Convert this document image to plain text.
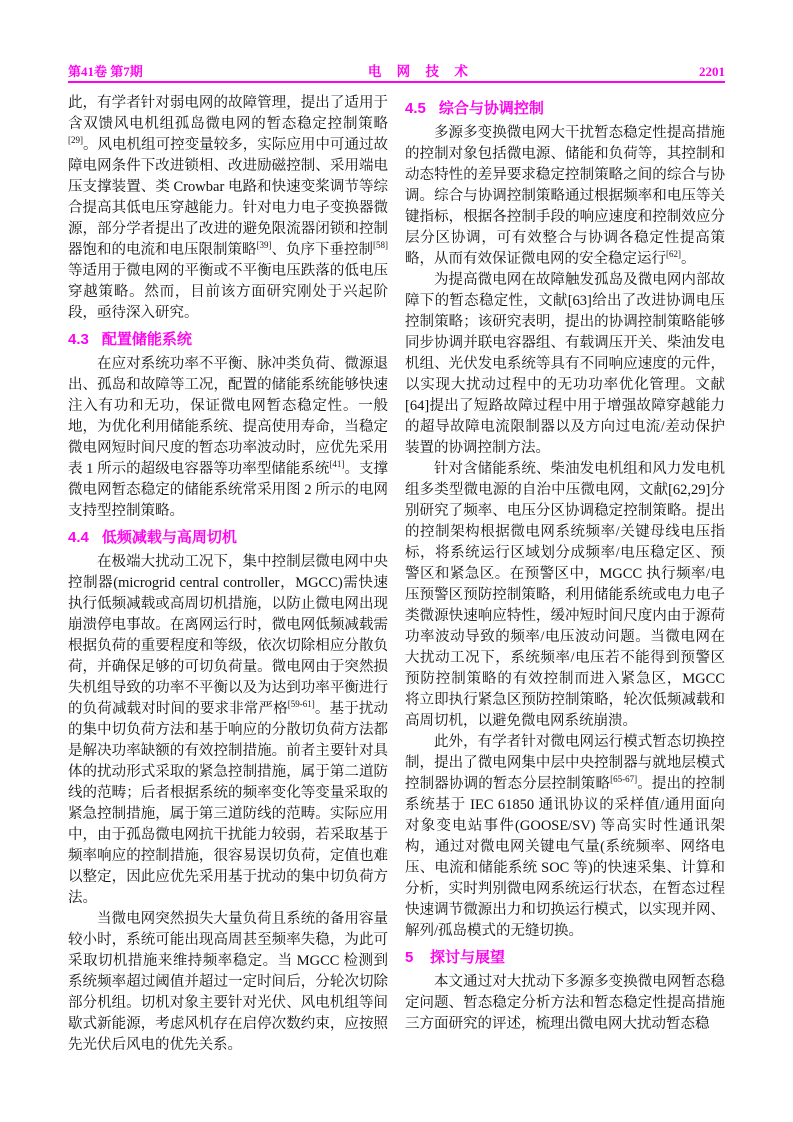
第41卷 第7期	电 网 技 术	2201

此，有学者针对弱电网的故障管理，提出了适用于含双馈风电机组孤岛微电网的暂态稳定控制策略[29]。风电机组可控变量较多，实际应用中可通过故障电网条件下改进锁相、改进励磁控制、采用端电压支撑装置、类 Crowbar 电路和快速变桨调节等综合提高其低电压穿越能力。针对电力电子变换器微源，部分学者提出了改进的避免限流器闭锁和控制器饱和的电流和电压限制策略[39]、负序下垂控制[58]等适用于微电网的平衡或不平衡电压跌落的低电压穿越策略。然而，目前该方面研究刚处于兴起阶段，亟待深入研究。

4.3 配置储能系统

在应对系统功率不平衡、脉冲类负荷、微源退出、孤岛和故障等工况，配置的储能系统能够快速注入有功和无功，保证微电网暂态稳定性。一般地，为优化利用储能系统、提高使用寿命，当稳定微电网短时间尺度的暂态功率波动时，应优先采用表 1 所示的超级电容器等功率型储能系统[41]。支撑微电网暂态稳定的储能系统常采用图 2 所示的电网支持型控制策略。

4.4 低频减载与高周切机

在极端大扰动工况下，集中控制层微电网中央控制器(microgrid central controller，MGCC)需快速执行低频减载或高周切机措施，以防止微电网出现崩溃停电事故。在离网运行时，微电网低频减载需根据负荷的重要程度和等级，依次切除相应分散负荷，并确保足够的可切负荷量。微电网由于突然损失机组导致的功率不平衡以及为达到功率平衡进行的负荷减载对时间的要求非常严格[59-61]。基于扰动的集中切负荷方法和基于响应的分散切负荷方法都是解决功率缺额的有效控制措施。前者主要针对具体的扰动形式采取的紧急控制措施，属于第二道防线的范畴；后者根据系统的频率变化等变量采取的紧急控制措施，属于第三道防线的范畴。实际应用中，由于孤岛微电网抗干扰能力较弱，若采取基于频率响应的控制措施，很容易误切负荷，定值也难以整定，因此应优先采用基于扰动的集中切负荷方法。

当微电网突然损失大量负荷且系统的备用容量较小时，系统可能出现高周甚至频率失稳，为此可采取切机措施来维持频率稳定。当 MGCC 检测到系统频率超过阈值并超过一定时间后，分轮次切除部分机组。切机对象主要针对光伏、风电机组等间歇式新能源，考虑风机存在启停次数约束，应按照先光伏后风电的优先关系。

4.5 综合与协调控制

多源多变换微电网大干扰暂态稳定性提高措施的控制对象包括微电源、储能和负荷等，其控制和动态特性的差异要求稳定控制策略之间的综合与协调。综合与协调控制策略通过根据频率和电压等关键指标，根据各控制手段的响应速度和控制效应分层分区协调，可有效整合与协调各稳定性提高策略，从而有效保证微电网的安全稳定运行[62]。

为提高微电网在故障触发孤岛及微电网内部故障下的暂态稳定性，文献[63]给出了改进协调电压控制策略；该研究表明，提出的协调控制策略能够同步协调并联电容器组、有载调压开关、柴油发电机组、光伏发电系统等具有不同响应速度的元件，以实现大扰动过程中的无功功率优化管理。文献[64]提出了短路故障过程中用于增强故障穿越能力的超导故障电流限制器以及方向过电流/差动保护装置的协调控制方法。

针对含储能系统、柴油发电机组和风力发电机组多类型微电源的自治中压微电网，文献[62,29]分别研究了频率、电压分区协调稳定控制策略。提出的控制架构根据微电网系统频率/关键母线电压指标，将系统运行区域划分成频率/电压稳定区、预警区和紧急区。在预警区中，MGCC 执行频率/电压预警区预防控制策略，利用储能系统或电力电子类微源快速响应特性，缓冲短时间尺度内由于源荷功率波动导致的频率/电压波动问题。当微电网在大扰动工况下，系统频率/电压若不能得到预警区预防控制策略的有效控制而进入紧急区，MGCC 将立即执行紧急区预防控制策略，轮次低频减载和高周切机，以避免微电网系统崩溃。

此外，有学者针对微电网运行模式暂态切换控制，提出了微电网集中层中央控制器与就地层模式控制器协调的暂态分层控制策略[65-67]。提出的控制系统基于 IEC 61850 通讯协议的采样值/通用面向对象变电站事件(GOOSE/SV) 等高实时性通讯架构，通过对微电网关键电气量(系统频率、网络电压、电流和储能系统 SOC 等)的快速采集、计算和分析，实时判别微电网系统运行状态，在暂态过程快速调节微源出力和切换运行模式，以实现并网、解列/孤岛模式的无缝切换。

5 探讨与展望

本文通过对大扰动下多源多变换微电网暂态稳定问题、暂态稳定分析方法和暂态稳定性提高措施三方面研究的评述，梳理出微电网大扰动暂态稳
